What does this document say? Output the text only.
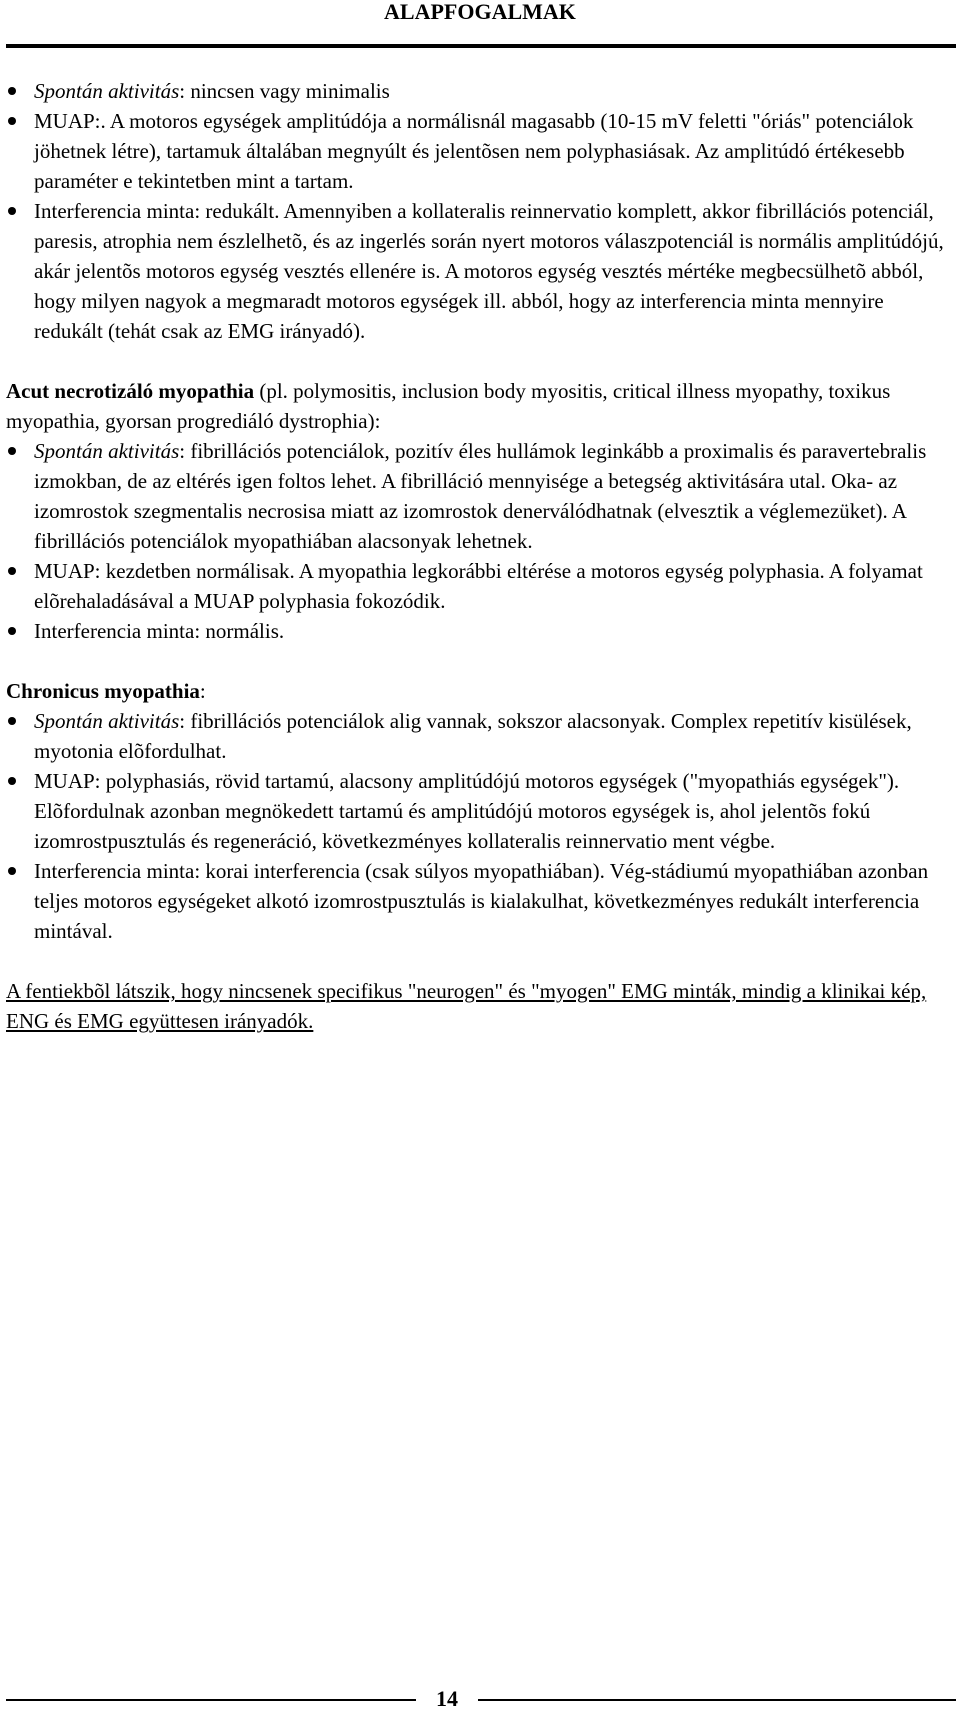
ALAPFOGALMAK
Spontán aktivitás: nincsen vagy minimalis
MUAP:. A motoros egységek amplitúdója a normálisnál magasabb (10-15 mV feletti "óriás" potenciálok jöhetnek létre), tartamuk általában megnyúlt és jelentõsen nem polyphasiásak. Az amplitúdó értékesebb paraméter e tekintetben mint a tartam.
Interferencia minta: redukált. Amennyiben a kollateralis reinnervatio komplett, akkor fibrillációs potenciál, paresis, atrophia nem észlelhetõ, és az ingerlés során nyert motoros válaszpotenciál is normális amplitúdójú, akár jelentõs motoros egység vesztés ellenére is. A motoros egység vesztés mértéke megbecsülhetõ abból, hogy milyen nagyok a megmaradt motoros egységek ill. abból, hogy az interferencia minta mennyire redukált (tehát csak az EMG irányadó).

Acut necrotizáló myopathia (pl. polymositis, inclusion body myositis, critical illness myopathy, toxikus myopathia, gyorsan progrediáló dystrophia):

Spontán aktivitás: fibrillációs potenciálok, pozitív éles hullámok leginkább a proximalis és paravertebralis izmokban, de az eltérés igen foltos lehet. A fibrilláció mennyisége a betegség aktivitására utal. Oka- az izomrostok szegmentalis necrosisa miatt az izomrostok denerválódhatnak (elvesztik a véglemezüket). A fibrillációs potenciálok myopathiában alacsonyak lehetnek.
MUAP: kezdetben normálisak. A myopathia legkorábbi eltérése a motoros egység polyphasia. A folyamat elõrehaladásával a MUAP polyphasia fokozódik.
Interferencia minta: normális.

Chronicus myopathia:

Spontán aktivitás: fibrillációs potenciálok alig vannak, sokszor alacsonyak. Complex repetitív kisülések, myotonia elõfordulhat.
MUAP: polyphasiás, rövid tartamú, alacsony amplitúdójú motoros egységek ("myopathiás egységek"). Elõfordulnak azonban megnökedett tartamú és amplitúdójú motoros egységek is, ahol jelentõs fokú izomrostpusztulás és regeneráció, következményes kollateralis reinnervatio ment végbe.
Interferencia minta: korai interferencia (csak súlyos myopathiában). Vég-stádiumú myopathiában azonban teljes motoros egységeket alkotó izomrostpusztulás is kialakulhat, következményes redukált interferencia mintával.

A fentiekbõl látszik, hogy nincsenek specifikus "neurogen" és "myogen" EMG minták, mindig a klinikai kép, ENG és EMG együttesen irányadók.

14
